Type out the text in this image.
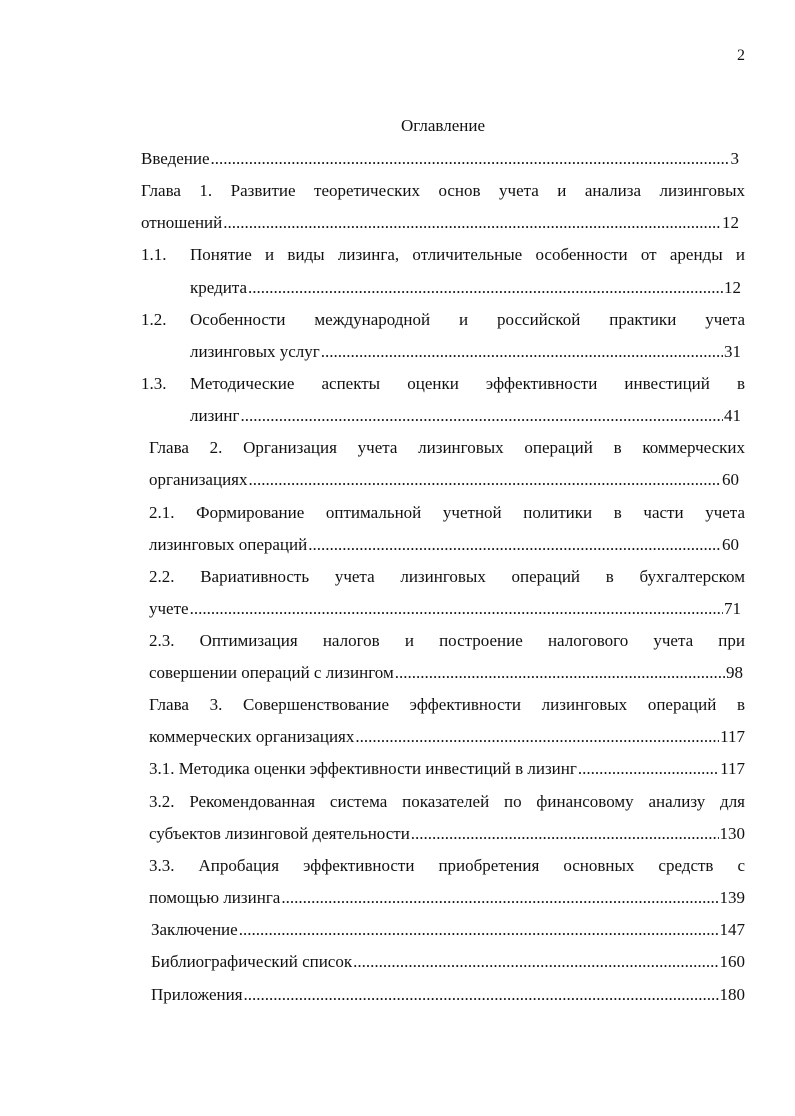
2
Оглавление
Введение .....	3
Глава 1. Развитие теоретических основ учета и анализа лизинговых
отношений .....	12
1.1. Понятие и виды лизинга, отличительные особенности от аренды и
кредита .....	12
1.2. Особенности международной и российской практики учета
лизинговых услуг .....	31
1.3. Методические аспекты оценки эффективности инвестиций в
лизинг .....	41
Глава 2. Организация учета лизинговых операций в коммерческих
организациях .....	60
2.1. Формирование оптимальной учетной политики в части учета
лизинговых операций .....	60
2.2. Вариативность учета лизинговых операций в бухгалтерском
учете .....	71
2.3. Оптимизация налогов и построение налогового учета при
совершении операций с лизингом .....	98
Глава 3. Совершенствование эффективности лизинговых операций в
коммерческих организациях .....	117
3.1. Методика оценки эффективности инвестиций в лизинг .....	117
3.2. Рекомендованная система показателей по финансовому анализу для
субъектов лизинговой деятельности .....	130
3.3. Апробация эффективности приобретения основных средств с
помощью лизинга .....	139
Заключение .....	147
Библиографический список .....	160
Приложения .....	180
